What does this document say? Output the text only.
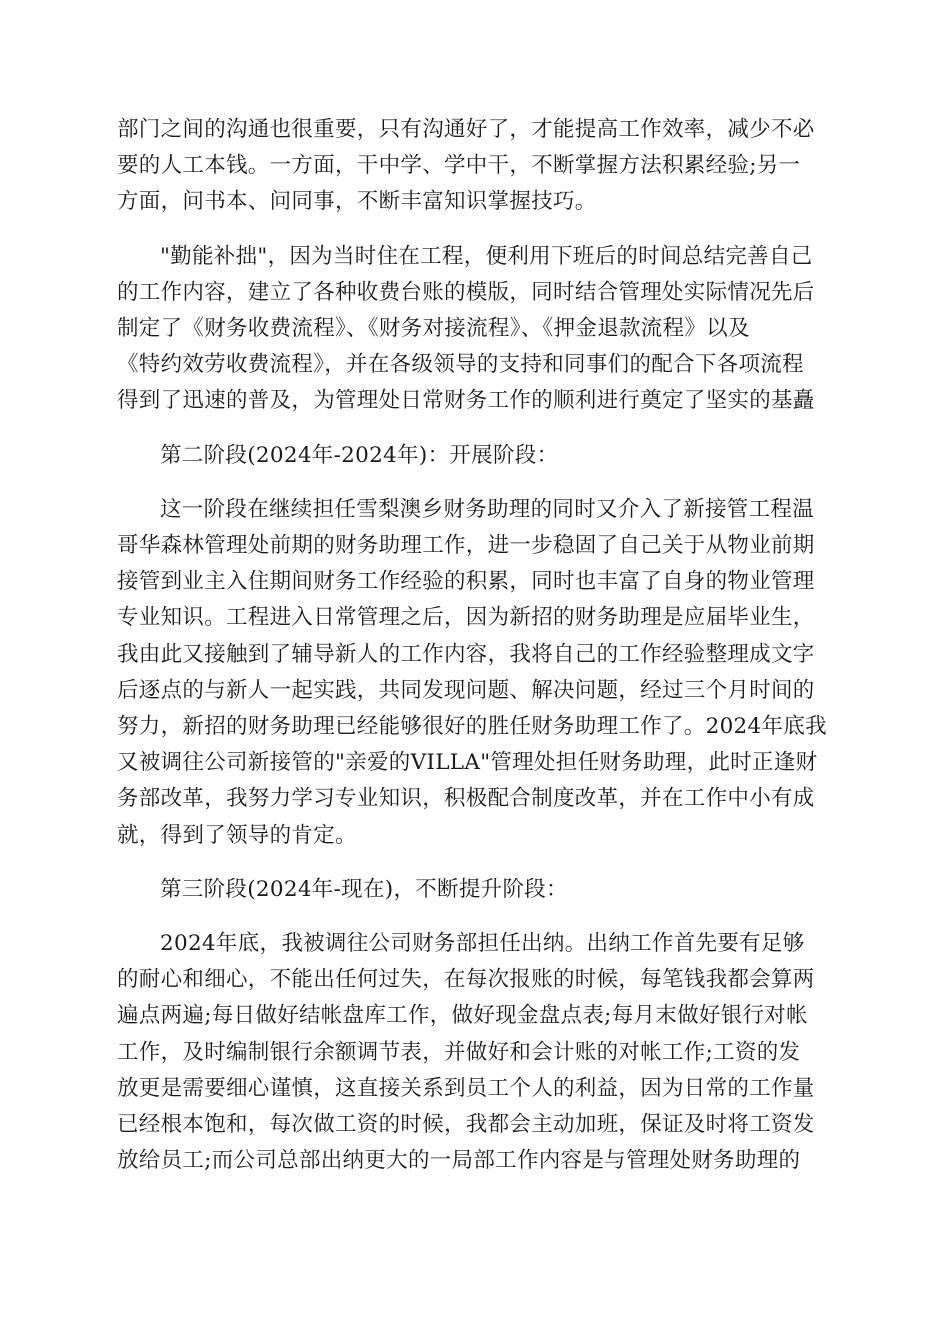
部门之间的沟通也很重要，只有沟通好了，才能提高工作效率，减少不必
要的人工本钱。一方面，干中学、学中干，不断掌握方法积累经验;另一
方面，问书本、问同事，不断丰富知识掌握技巧。

"勤能补拙"，因为当时住在工程，便利用下班后的时间总结完善自己
的工作内容，建立了各种收费台账的模版，同时结合管理处实际情况先后
制定了《财务收费流程》、《财务对接流程》、《押金退款流程》以及
《特约效劳收费流程》，并在各级领导的支持和同事们的配合下各项流程
得到了迅速的普及，为管理处日常财务工作的顺利进行奠定了坚实的基矗

第二阶段(2024年-2024年)：开展阶段：

这一阶段在继续担任雪梨澳乡财务助理的同时又介入了新接管工程温
哥华森林管理处前期的财务助理工作，进一步稳固了自己关于从物业前期
接管到业主入住期间财务工作经验的积累，同时也丰富了自身的物业管理
专业知识。工程进入日常管理之后，因为新招的财务助理是应届毕业生，
我由此又接触到了辅导新人的工作内容，我将自己的工作经验整理成文字
后逐点的与新人一起实践，共同发现问题、解决问题，经过三个月时间的
努力，新招的财务助理已经能够很好的胜任财务助理工作了。2024年底我
又被调往公司新接管的"亲爱的VILLA"管理处担任财务助理，此时正逢财
务部改革，我努力学习专业知识，积极配合制度改革，并在工作中小有成
就，得到了领导的肯定。

第三阶段(2024年-现在)，不断提升阶段：

2024年底，我被调往公司财务部担任出纳。出纳工作首先要有足够
的耐心和细心，不能出任何过失，在每次报账的时候，每笔钱我都会算两
遍点两遍;每日做好结帐盘库工作，做好现金盘点表;每月末做好银行对帐
工作，及时编制银行余额调节表，并做好和会计账的对帐工作;工资的发
放更是需要细心谨慎，这直接关系到员工个人的利益，因为日常的工作量
已经根本饱和，每次做工资的时候，我都会主动加班，保证及时将工资发
放给员工;而公司总部出纳更大的一局部工作内容是与管理处财务助理的
